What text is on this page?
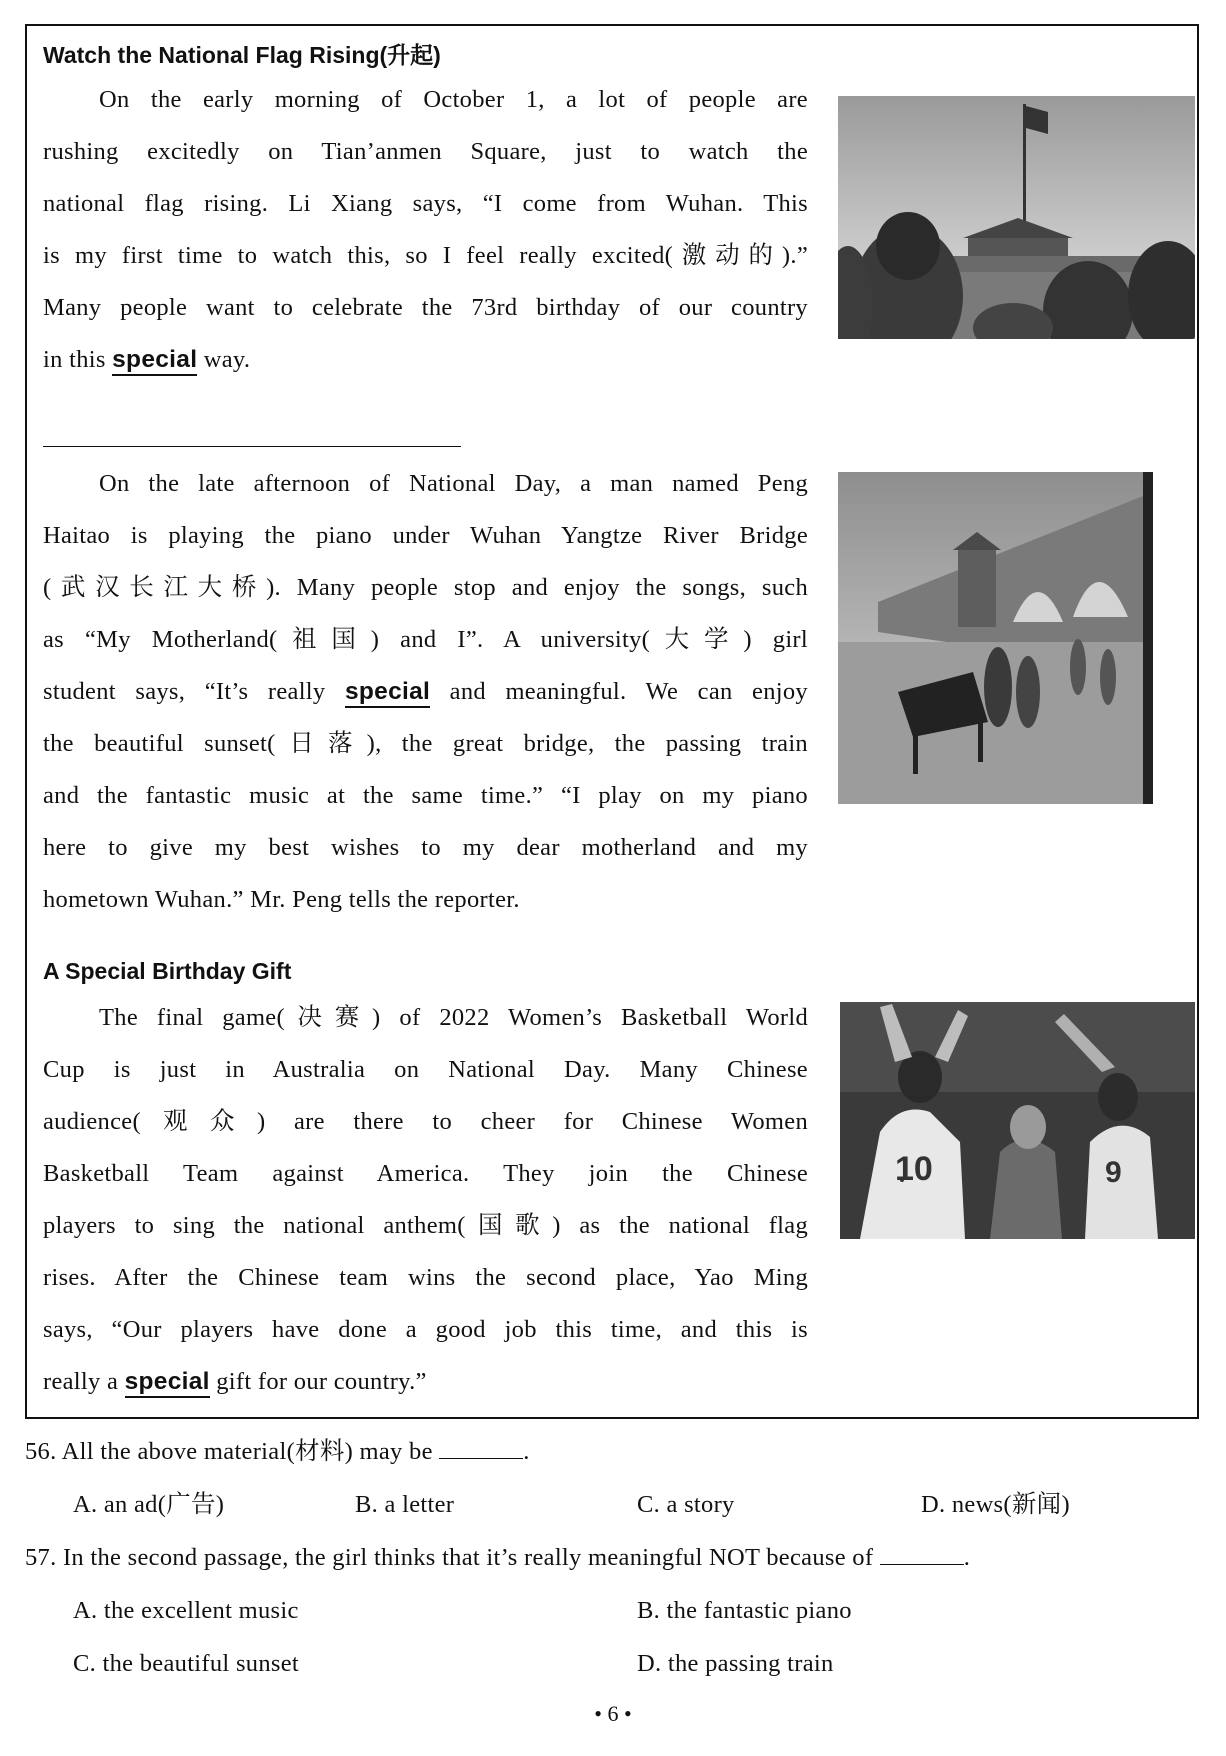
Watch the National Flag Rising(升起)
On the early morning of October 1, a lot of people are
rushing excitedly on Tian’anmen Square, just to watch the
national flag rising. Li Xiang says, “I come from Wuhan. This
is my first time to watch this, so I feel really excited(激动的).”
Many people want to celebrate the 73rd birthday of our country
in this special way.
On the late afternoon of National Day, a man named Peng
Haitao is playing the piano under Wuhan Yangtze River Bridge
(武汉长江大桥). Many people stop and enjoy the songs, such
as “My Motherland(祖国) and I”. A university(大学) girl
student says, “It’s really special and meaningful. We can enjoy
the beautiful sunset(日落), the great bridge, the passing train
and the fantastic music at the same time.” “I play on my piano
here to give my best wishes to my dear motherland and my
hometown Wuhan.” Mr. Peng tells the reporter.
A Special Birthday Gift
The final game(决赛) of 2022 Women’s Basketball World
Cup is just in Australia on National Day. Many Chinese
audience(观众) are there to cheer for Chinese Women
Basketball Team against America. They join the Chinese
players to sing the national anthem(国歌) as the national flag
rises. After the Chinese team wins the second place, Yao Ming
says, “Our players have done a good job this time, and this is
really a special gift for our country.”
10	9
56. All the above material(材料) may be	.
A. an ad(广告)	B. a letter	C. a story	D. news(新闻)
57. In the second passage, the girl thinks that it’s really meaningful NOT because of	.
A. the excellent music	B. the fantastic piano
C. the beautiful sunset	D. the passing train
• 6 •
